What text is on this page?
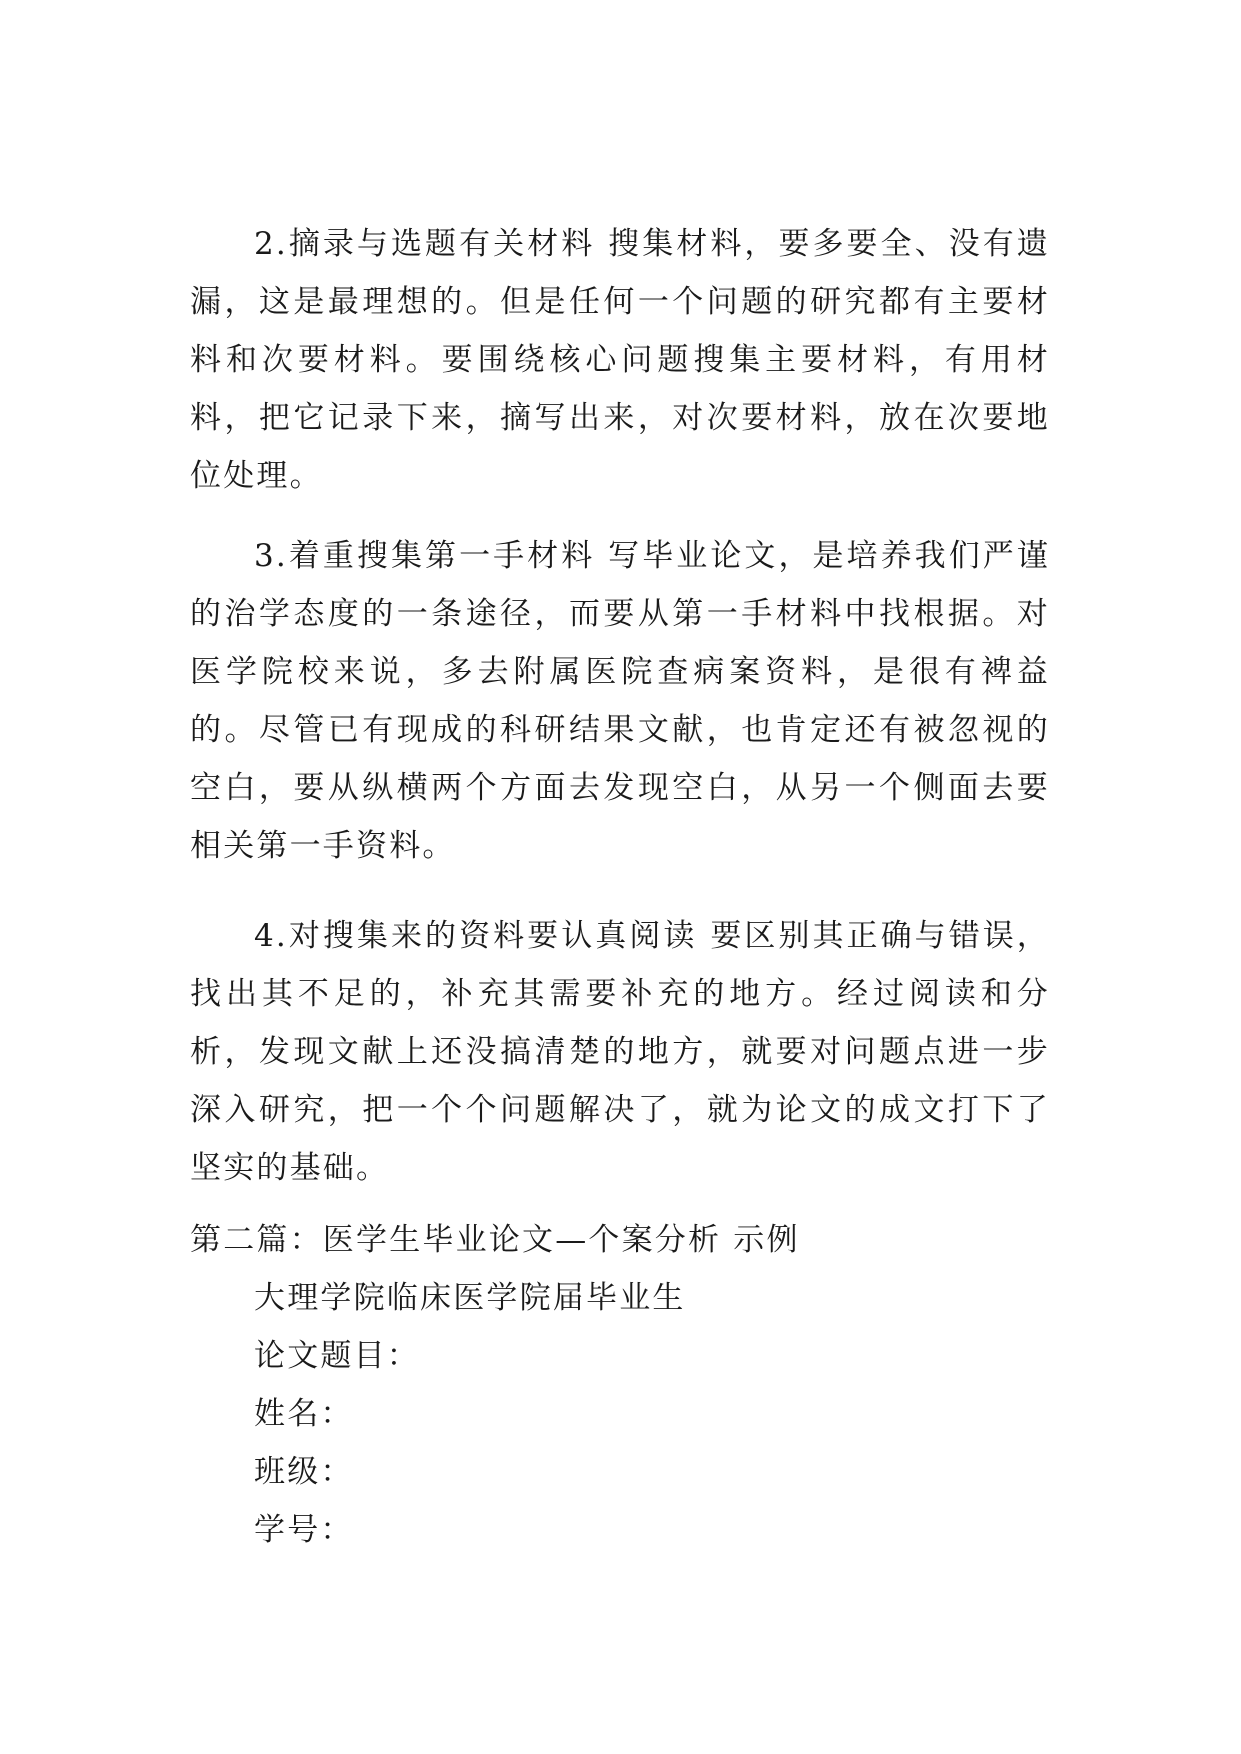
2.摘录与选题有关材料 搜集材料，要多要全、没有遗漏，这是最理想的。但是任何一个问题的研究都有主要材料和次要材料。要围绕核心问题搜集主要材料，有用材料，把它记录下来，摘写出来，对次要材料，放在次要地位处理。

3.着重搜集第一手材料 写毕业论文，是培养我们严谨的治学态度的一条途径，而要从第一手材料中找根据。对医学院校来说，多去附属医院查病案资料，是很有裨益的。尽管已有现成的科研结果文献，也肯定还有被忽视的空白，要从纵横两个方面去发现空白，从另一个侧面去要相关第一手资料。

4.对搜集来的资料要认真阅读 要区别其正确与错误，找出其不足的，补充其需要补充的地方。经过阅读和分析，发现文献上还没搞清楚的地方，就要对问题点进一步深入研究，把一个个问题解决了，就为论文的成文打下了坚实的基础。

第二篇：医学生毕业论文—个案分析 示例
大理学院临床医学院届毕业生
论文题目：
姓名：
班级：
学号：
